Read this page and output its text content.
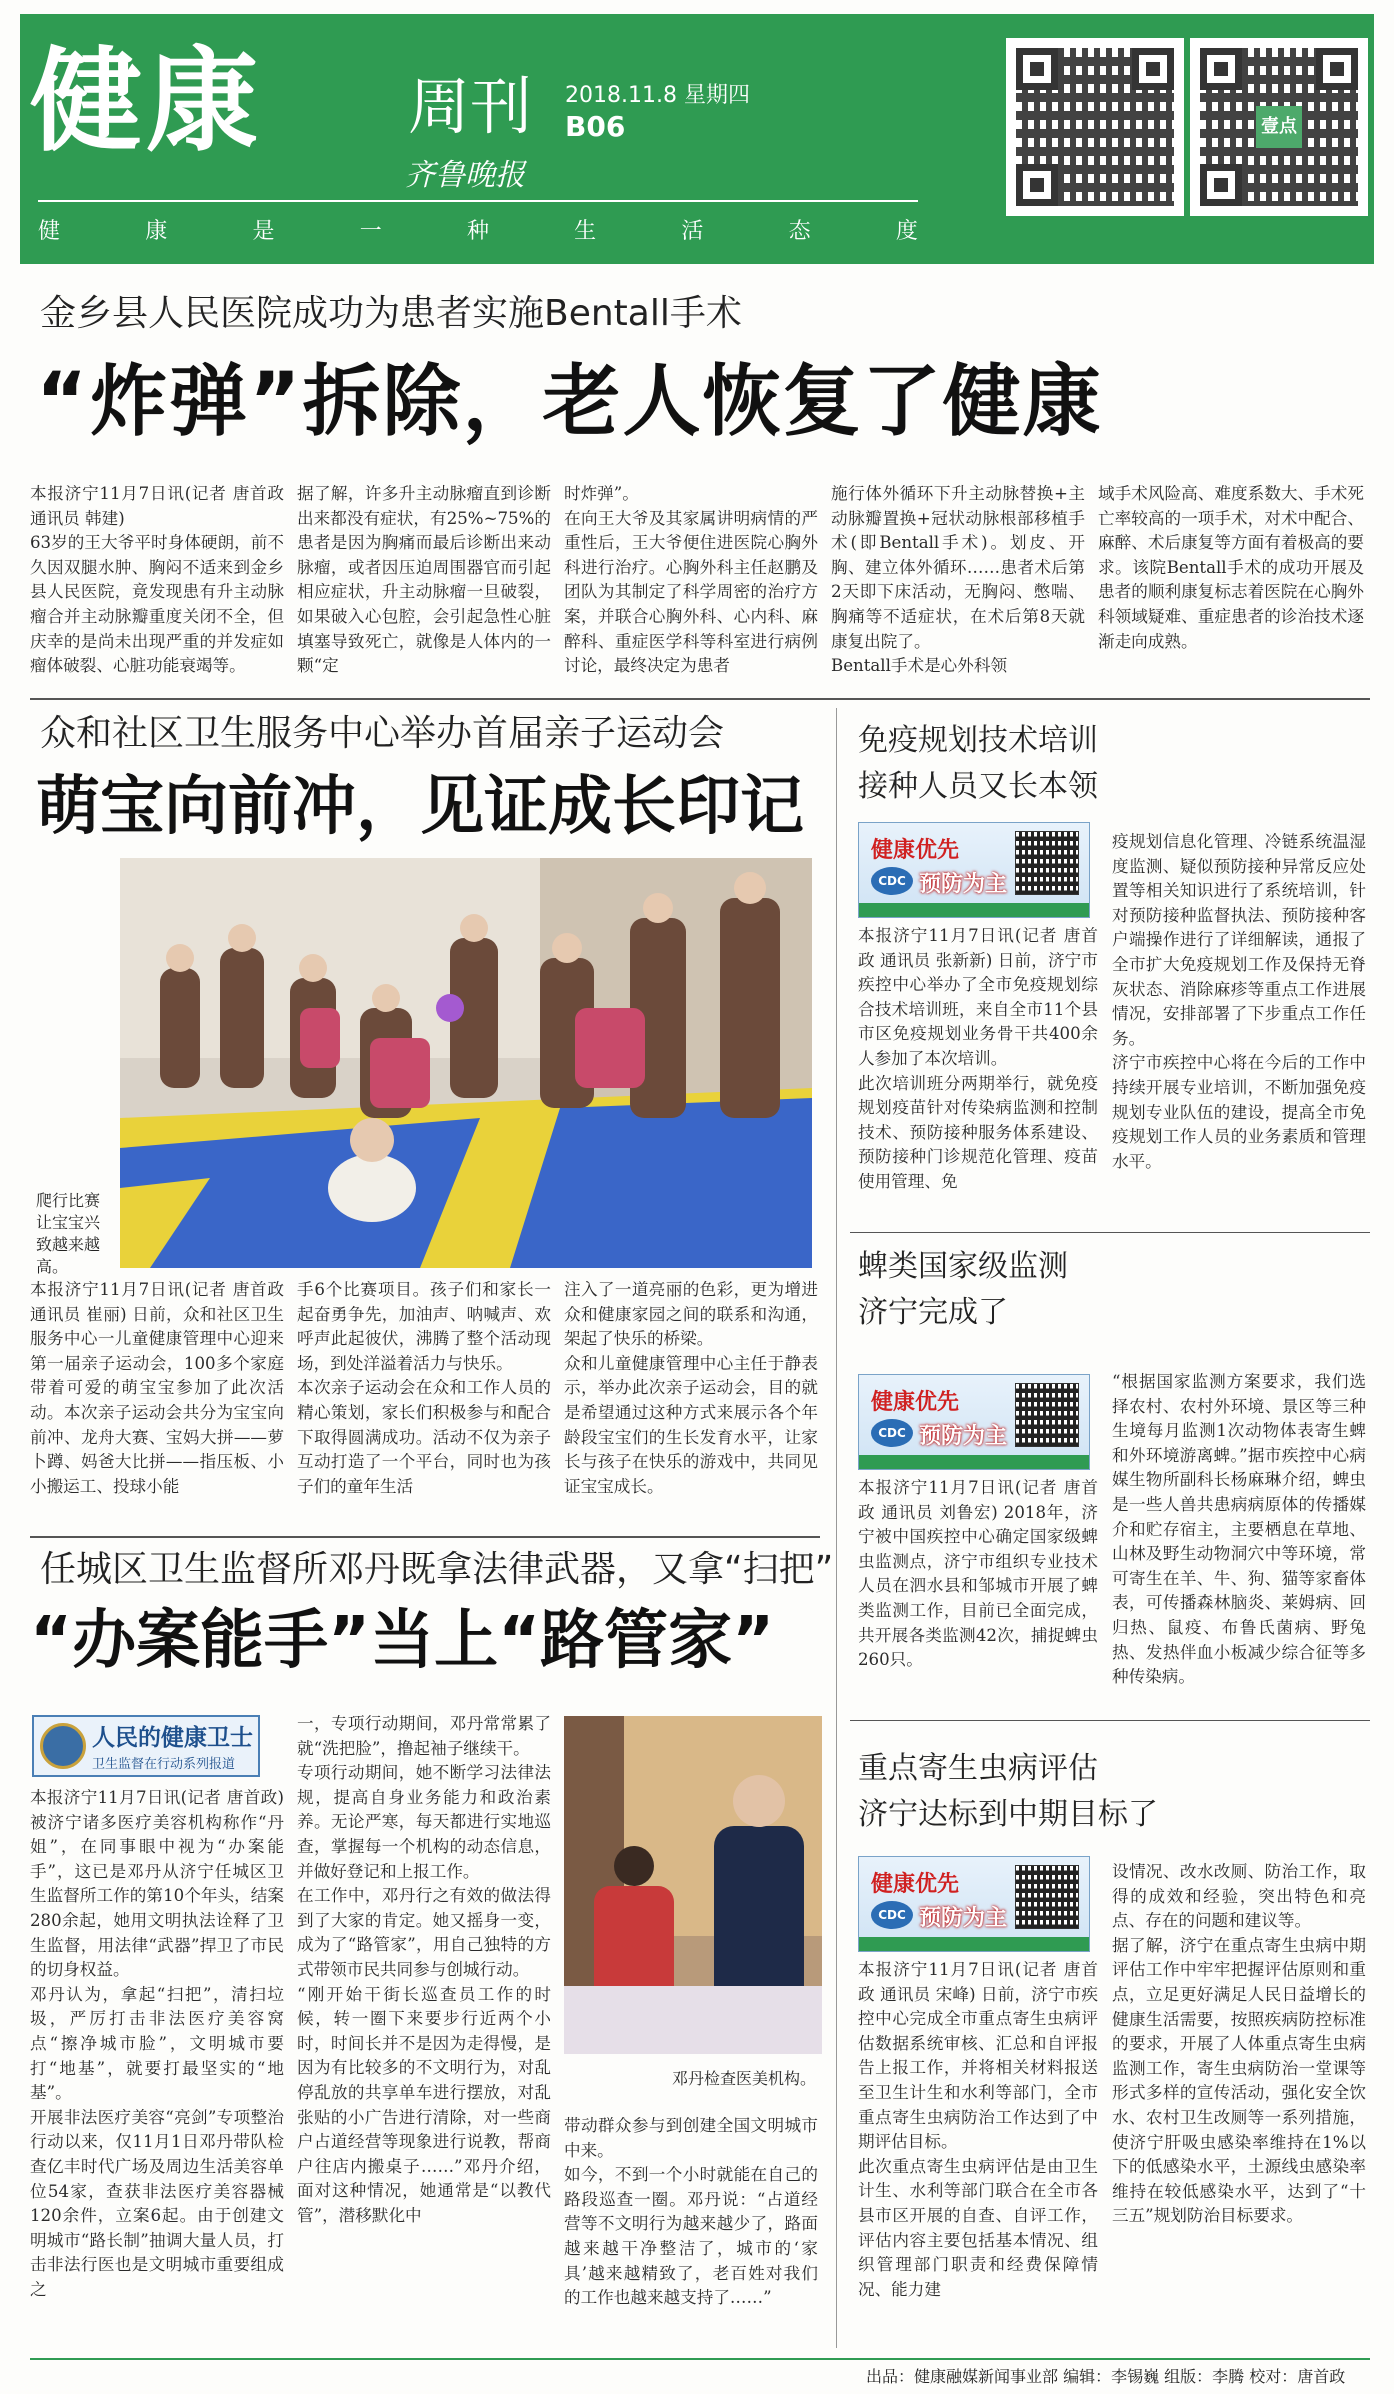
健康 周刊 2018.11.8 星期四
B06
齐鲁晚报
健	康	是	一	种	生	活	态	度
壹点
金乡县人民医院成功为患者实施Bentall手术
“炸弹”拆除，老人恢复了健康
本报济宁11月7日讯(记者 唐首政 通讯员 韩建)
63岁的王大爷平时身体硬朗，前不久因双腿水肿、胸闷不适来到金乡县人民医院，竟发现患有升主动脉瘤合并主动脉瓣重度关闭不全，但庆幸的是尚未出现严重的并发症如瘤体破裂、心脏功能衰竭等。
据了解，许多升主动脉瘤直到诊断出来都没有症状，有25%~75%的患者是因为胸痛而最后诊断出来动脉瘤，或者因压迫周围器官而引起相应症状，升主动脉瘤一旦破裂，如果破入心包腔，会引起急性心脏填塞导致死亡，就像是人体内的一颗“定
时炸弹”。
在向王大爷及其家属讲明病情的严重性后，王大爷便住进医院心胸外科进行治疗。心胸外科主任赵鹏及团队为其制定了科学周密的治疗方案，并联合心胸外科、心内科、麻醉科、重症医学科等科室进行病例讨论，最终决定为患者
施行体外循环下升主动脉替换+主动脉瓣置换+冠状动脉根部移植手术(即Bentall手术)。划皮、开胸、建立体外循环……患者术后第2天即下床活动，无胸闷、憋喘、胸痛等不适症状，在术后第8天就康复出院了。
Bentall手术是心外科领
域手术风险高、难度系数大、手术死亡率较高的一项手术，对术中配合、麻醉、术后康复等方面有着极高的要求。该院Bentall手术的成功开展及患者的顺利康复标志着医院在心胸外科领域疑难、重症患者的诊治技术逐渐走向成熟。
众和社区卫生服务中心举办首届亲子运动会
萌宝向前冲，见证成长印记
爬行比赛让宝宝兴致越来越高。
本报济宁11月7日讯(记者 唐首政 通讯员 崔丽) 日前，众和社区卫生服务中心一儿童健康管理中心迎来第一届亲子运动会，100多个家庭带着可爱的萌宝宝参加了此次活动。本次亲子运动会共分为宝宝向前冲、龙舟大赛、宝妈大拼——萝卜蹲、妈爸大比拼——指压板、小小搬运工、投球小能
手6个比赛项目。孩子们和家长一起奋勇争先，加油声、呐喊声、欢呼声此起彼伏，沸腾了整个活动现场，到处洋溢着活力与快乐。
本次亲子运动会在众和工作人员的精心策划，家长们积极参与和配合下取得圆满成功。活动不仅为亲子互动打造了一个平台，同时也为孩子们的童年生活
注入了一道亮丽的色彩，更为增进众和健康家园之间的联系和沟通，架起了快乐的桥梁。
众和儿童健康管理中心主任于静表示，举办此次亲子运动会，目的就是希望通过这种方式来展示各个年龄段宝宝们的生长发育水平，让家长与孩子在快乐的游戏中，共同见证宝宝成长。
任城区卫生监督所邓丹既拿法律武器，又拿“扫把”
“办案能手”当上“路管家”
人民的健康卫士
卫生监督在行动系列报道
本报济宁11月7日讯(记者 唐首政) 被济宁诸多医疗美容机构称作“丹姐”，在同事眼中视为“办案能手”，这已是邓丹从济宁任城区卫生监督所工作的第10个年头，结案280余起，她用文明执法诠释了卫生监督，用法律“武器”捍卫了市民的切身权益。
邓丹认为，拿起“扫把”，清扫垃圾，严厉打击非法医疗美容窝点“擦净城市脸”，文明城市要打“地基”，就要打最坚实的“地基”。
开展非法医疗美容“亮剑”专项整治行动以来，仅11月1日邓丹带队检查亿丰时代广场及周边生活美容单位54家，查获非法医疗美容器械120余件，立案6起。由于创建文明城市“路长制”抽调大量人员，打击非法行医也是文明城市重要组成之
一，专项行动期间，邓丹常常累了就“洗把脸”，撸起袖子继续干。
专项行动期间，她不断学习法律法规，提高自身业务能力和政治素养。无论严寒，每天都进行实地巡查，掌握每一个机构的动态信息，并做好登记和上报工作。
在工作中，邓丹行之有效的做法得到了大家的肯定。她又摇身一变，成为了“路管家”，用自己独特的方式带领市民共同参与创城行动。
“刚开始干街长巡查员工作的时候，转一圈下来要步行近两个小时，时间长并不是因为走得慢，是因为有比较多的不文明行为，对乱停乱放的共享单车进行摆放，对乱张贴的小广告进行清除，对一些商户占道经营等现象进行说教，帮商户往店内搬桌子……”邓丹介绍，面对这种情况，她通常是“以教代管”，潜移默化中
邓丹检查医美机构。
带动群众参与到创建全国文明城市中来。
如今，不到一个小时就能在自己的路段巡查一圈。邓丹说：“占道经营等不文明行为越来越少了，路面越来越干净整洁了，城市的‘家具’越来越精致了，老百姓对我们的工作也越来越支持了……”
免疫规划技术培训
接种人员又长本领
健康优先
CDC 预防为主
本报济宁11月7日讯(记者 唐首政 通讯员 张新新) 日前，济宁市疾控中心举办了全市免疫规划综合技术培训班，来自全市11个县市区免疫规划业务骨干共400余人参加了本次培训。
此次培训班分两期举行，就免疫规划疫苗针对传染病监测和控制技术、预防接种服务体系建设、预防接种门诊规范化管理、疫苗使用管理、免
疫规划信息化管理、冷链系统温湿度监测、疑似预防接种异常反应处置等相关知识进行了系统培训，针对预防接种监督执法、预防接种客户端操作进行了详细解读，通报了全市扩大免疫规划工作及保持无脊灰状态、消除麻疹等重点工作进展情况，安排部署了下步重点工作任务。
济宁市疾控中心将在今后的工作中持续开展专业培训，不断加强免疫规划专业队伍的建设，提高全市免疫规划工作人员的业务素质和管理水平。
蜱类国家级监测
济宁完成了
健康优先
CDC 预防为主
本报济宁11月7日讯(记者 唐首政 通讯员 刘鲁宏) 2018年，济宁被中国疾控中心确定国家级蜱虫监测点，济宁市组织专业技术人员在泗水县和邹城市开展了蜱类监测工作，目前已全面完成，共开展各类监测42次，捕捉蜱虫260只。
“根据国家监测方案要求，我们选择农村、农村外环境、景区等三种生境每月监测1次动物体表寄生蜱和外环境游离蜱。”据市疾控中心病媒生物所副科长杨麻琳介绍，蜱虫是一些人兽共患病病原体的传播媒介和贮存宿主，主要栖息在草地、山林及野生动物洞穴中等环境，常可寄生在羊、牛、狗、猫等家畜体表，可传播森林脑炎、莱姆病、回归热、鼠疫、布鲁氏菌病、野兔热、发热伴血小板减少综合征等多种传染病。
重点寄生虫病评估
济宁达标到中期目标了
健康优先
CDC 预防为主
本报济宁11月7日讯(记者 唐首政 通讯员 宋峰) 日前，济宁市疾控中心完成全市重点寄生虫病评估数据系统审核、汇总和自评报告上报工作，并将相关材料报送至卫生计生和水利等部门，全市重点寄生虫病防治工作达到了中期评估目标。
此次重点寄生虫病评估是由卫生计生、水利等部门联合在全市各县市区开展的自查、自评工作，评估内容主要包括基本情况、组织管理部门职责和经费保障情况、能力建
设情况、改水改厕、防治工作，取得的成效和经验，突出特色和亮点、存在的问题和建议等。
据了解，济宁在重点寄生虫病中期评估工作中牢牢把握评估原则和重点，立足更好满足人民日益增长的健康生活需要，按照疾病防控标准的要求，开展了人体重点寄生虫病监测工作，寄生虫病防治一堂课等形式多样的宣传活动，强化安全饮水、农村卫生改厕等一系列措施，使济宁肝吸虫感染率维持在1%以下的低感染水平，土源线虫感染率维持在较低感染水平，达到了“十三五”规划防治目标要求。
出品：健康融媒新闻事业部 编辑：李锡巍 组版：李腾 校对：唐首政
